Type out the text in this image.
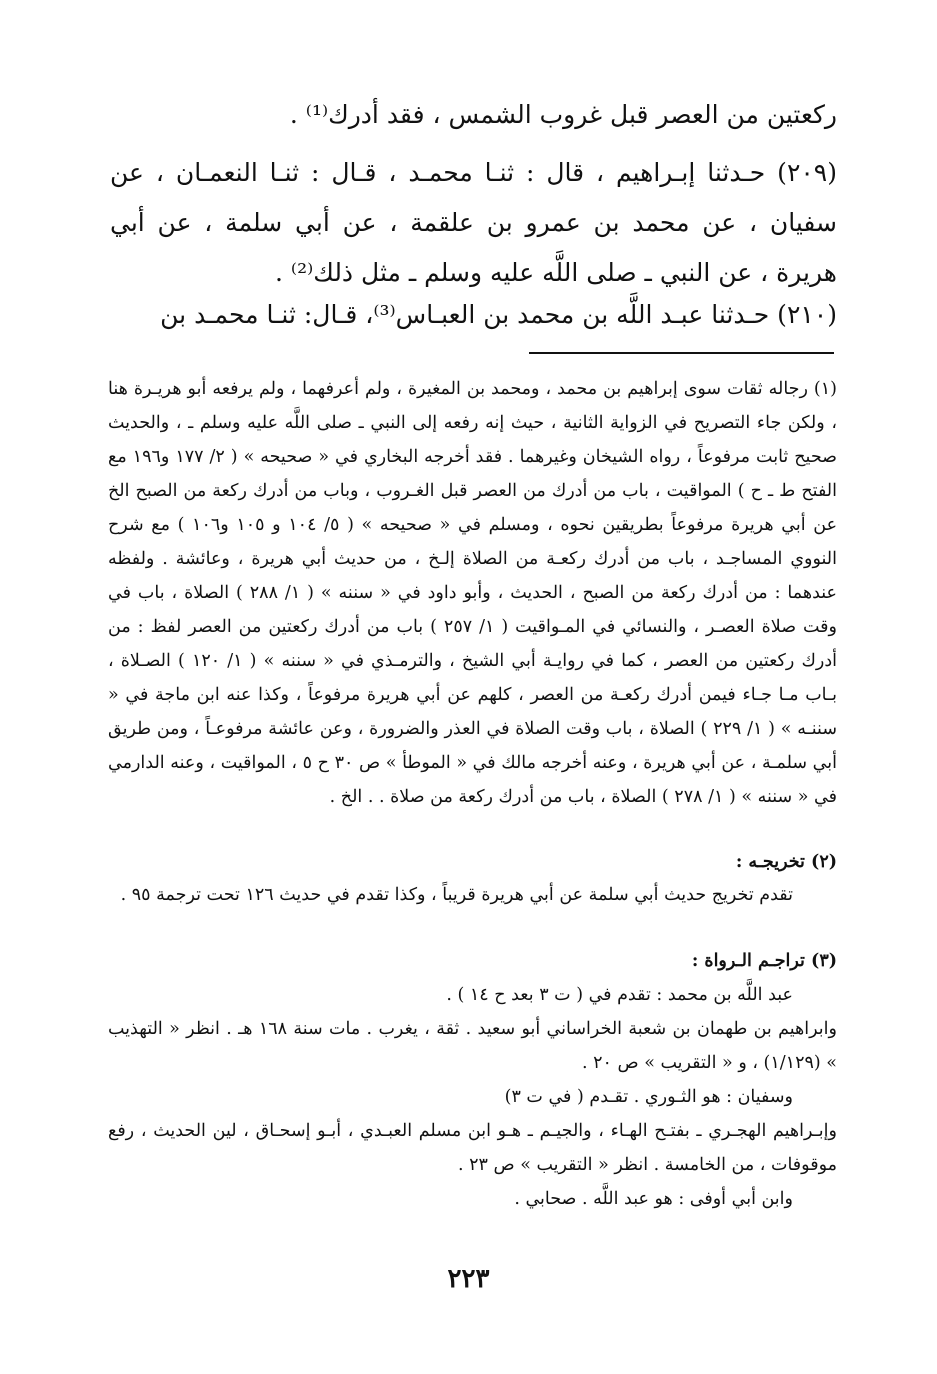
ركعتين من العصر قبل غروب الشمس ، فقد أدرك⁽¹⁾ .

(٢٠٩) حـدثنا إبـراهيم ، قال : ثنـا محمـد ، قـال : ثنـا النعمـان ، عن سفيان ، عن محمد بن عمرو بن علقمة ، عن أبي سلمة ، عن أبي هريرة ، عن النبي ـ صلى اللَّه عليه وسلم ـ مثل ذلك⁽²⁾ .

(٢١٠) حـدثنا عبـد اللَّه بن محمد بن العبـاس⁽³⁾، قـال: ثنـا محمـد بن

(١) رجاله ثقات سوى إبراهيم بن محمد ، ومحمد بن المغيرة ، ولم أعرفهما ، ولم يرفعه أبو هريـرة هنا ، ولكن جاء التصريح في الزواية الثانية ، حيث إنه رفعه إلى النبي ـ صلى اللَّه عليه وسلم ـ ، والحديث صحيح ثابت مرفوعاً ، رواه الشيخان وغيرهما . فقد أخرجه البخاري في « صحيحه » ( ٢/ ١٧٧ و١٩٦ مع الفتح ط ـ ح ) المواقيت ، باب من أدرك من العصر قبل الغـروب ، وباب من أدرك ركعة من الصبح الخ عن أبي هريرة مرفوعاً بطريقين نحوه ، ومسلم في « صحيحه » ( ٥/ ١٠٤ و ١٠٥ و١٠٦ ) مع شرح النووي المساجـد ، باب من أدرك ركعـة من الصلاة إلـخ ، من حديث أبي هريرة ، وعائشة . ولفظه عندهما : من أدرك ركعة من الصبح ، الحديث ، وأبو داود في « سننه » ( ١/ ٢٨٨ ) الصلاة ، باب في وقت صلاة العصـر ، والنسائي في المـواقيت ( ١/ ٢٥٧ ) باب من أدرك ركعتين من العصر لفظ : من أدرك ركعتين من العصر ، كما في روايـة أبي الشيخ ، والترمـذي في « سننه » ( ١/ ١٢٠ ) الصـلاة ، بـاب مـا جـاء فيمن أدرك ركعـة من العصر ، كلهم عن أبي هريرة مرفوعاً ، وكذا عنه ابن ماجة في « سننـه » ( ١/ ٢٢٩ ) الصلاة ، باب وقت الصلاة في العذر والضرورة ، وعن عائشة مرفوعـاً ، ومن طريق أبي سلمـة ، عن أبي هريرة ، وعنه أخرجه مالك في « الموطأ » ص ٣٠ ح ٥ ، المواقيت ، وعنه الدارمي في « سننه » ( ١/ ٢٧٨ ) الصلاة ، باب من أدرك ركعة من صلاة . . الخ .

(٢) تخريجـه :

تقدم تخريج حديث أبي سلمة عن أبي هريرة قريباً ، وكذا تقدم في حديث ١٢٦ تحت ترجمة ٩٥ .

(٣) تراجـم الـرواة :

عبد اللَّه بن محمد : تقدم في ( ت ٣ بعد ح ١٤ ) .

وابراهيم بن طهمان بن شعبة الخراساني أبو سعيد . ثقة ، يغرب . مات سنة ١٦٨ هـ . انظر « التهذيب » (١/١٢٩) ، و « التقريب » ص ٢٠ .

وسفيان : هو الثـوري . تقـدم ( في ت ٣)

وإبـراهيم الهجـري ـ بفتـح الهـاء ، والجيـم ـ هـو ابن مسلم العبـدي ، أبـو إسحـاق ، لين الحديث ، رفع موقوفات ، من الخامسة . انظر « التقريب » ص ٢٣ .

وابن أبي أوفى : هو عبد اللَّه . صحابي .

٢٢٣
